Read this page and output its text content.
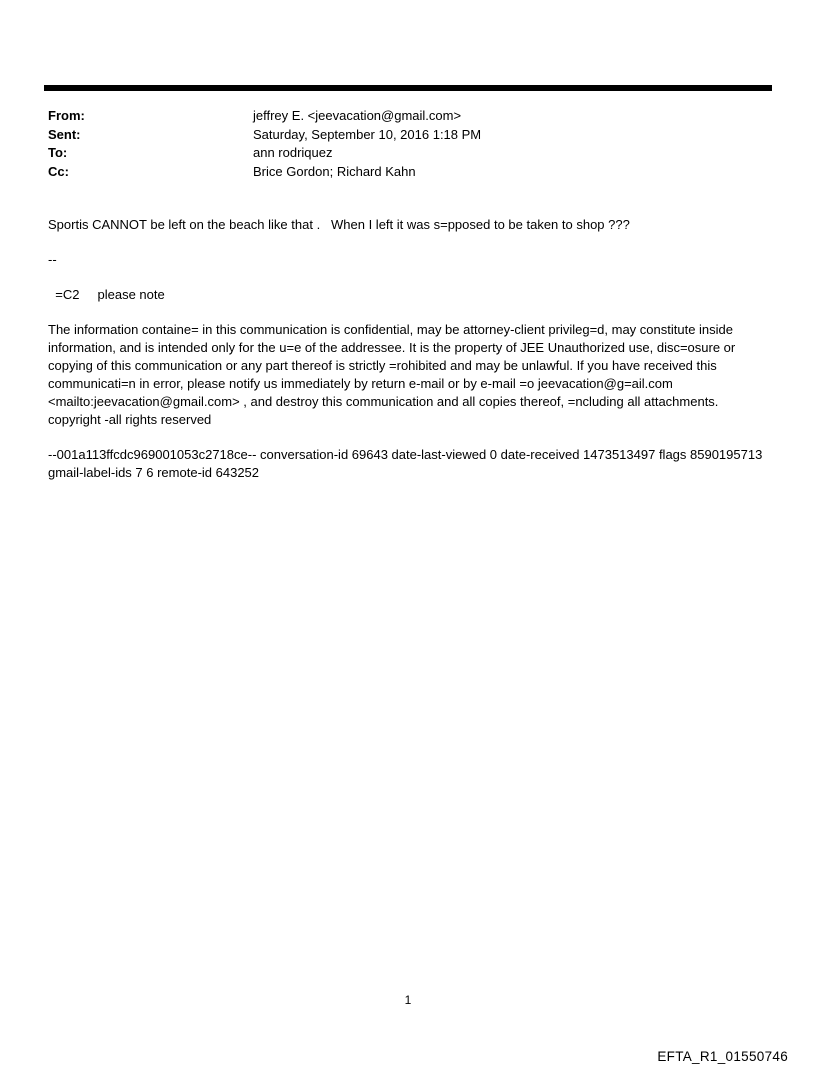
From:	jeffrey E. <jeevacation@gmail.com>
Sent:	Saturday, September 10, 2016 1:18 PM
To:	ann rodriquez
Cc:	Brice Gordon; Richard Kahn

Sportis CANNOT be left on the beach like that .   When I left it was s=pposed to be taken to shop ???

--

=C2     please note

The information containe= in this communication is confidential, may be attorney-client privileg=d, may constitute inside information, and is intended only for the u=e of the addressee. It is the property of JEE Unauthorized use, disc=osure or copying of this communication or any part thereof is strictly =rohibited and may be unlawful. If you have received this communicati=n in error, please notify us immediately by return e-mail or by e-mail =o jeevacation@g=ail.com <mailto:jeevacation@gmail.com> , and destroy this communication and all copies thereof, =ncluding all attachments. copyright -all rights reserved

--001a113ffcdc969001053c2718ce-- conversation-id 69643 date-last-viewed 0 date-received 1473513497 flags 8590195713 gmail-label-ids 7 6 remote-id 643252

1
EFTA_R1_01550746
